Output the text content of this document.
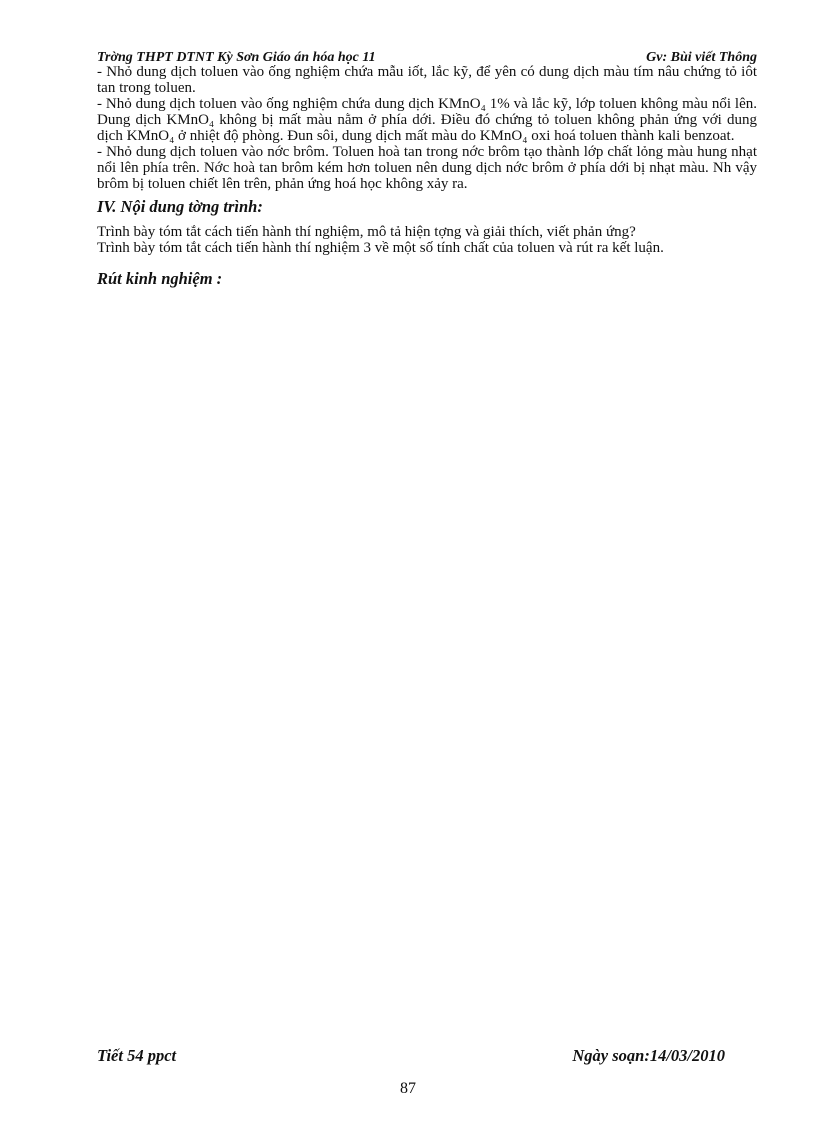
Trờng THPT DTNT Kỳ Sơn Giáo án hóa học 11	Gv: Bùi viết Thông

- Nhỏ dung dịch toluen vào ống nghiệm chứa mẫu iốt, lắc kỹ, để yên có dung dịch màu tím nâu chứng tỏ iôt tan trong toluen.

- Nhỏ dung dịch toluen vào ống nghiệm chứa dung dịch KMnO₄ 1% và lắc kỹ, lớp toluen không màu nổi lên. Dung dịch KMnO₄ không bị mất màu nằm ở phía dới. Điều đó chứng tỏ toluen không phản ứng với dung dịch KMnO₄ ở nhiệt độ phòng. Đun sôi, dung dịch mất màu do KMnO₄ oxi hoá toluen thành kali benzoat.

- Nhỏ dung dịch toluen vào nớc brôm. Toluen hoà tan trong nớc brôm tạo thành lớp chất lỏng màu hung nhạt nổi lên phía trên. Nớc hoà tan brôm kém hơn toluen nên dung dịch nớc brôm ở phía dới bị nhạt màu. Nh vậy brôm bị toluen chiết lên trên, phản ứng hoá học không xảy ra.

IV. Nội dung tờng trình:

Trình bày tóm tắt cách tiến hành thí nghiệm, mô tả hiện tợng và giải thích, viết phản ứng?

Trình bày tóm tắt cách tiến hành thí nghiệm 3 về một số tính chất của toluen và rút ra kết luận.

Rút kinh nghiệm :

Tiết 54 ppct	Ngày soạn:14/03/2010
87
